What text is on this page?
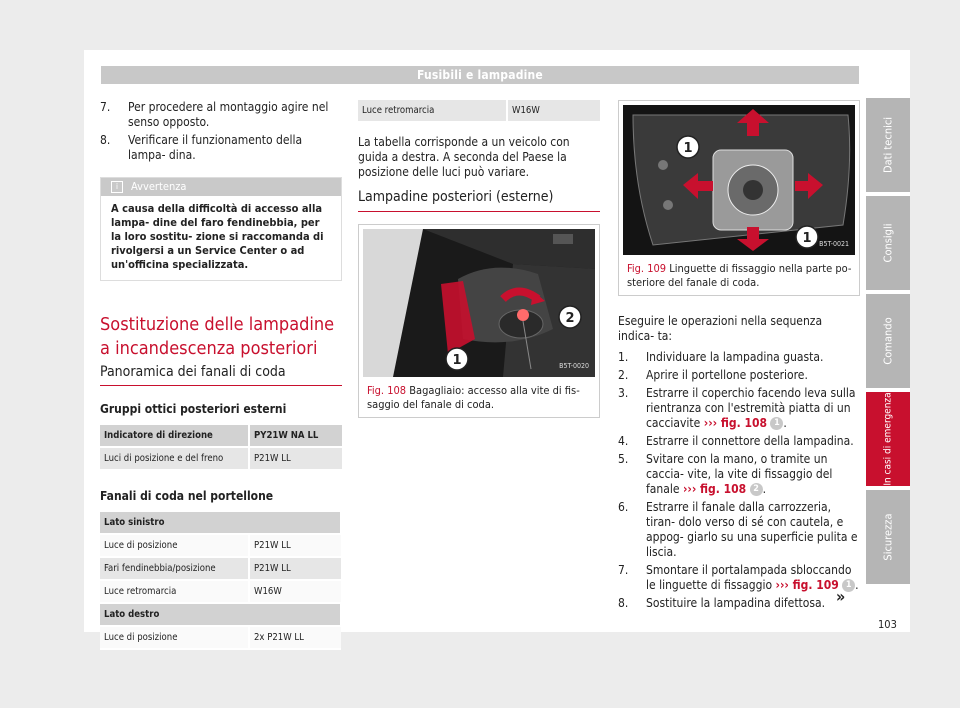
Fusibili e lampadine
7.	Per procedere al montaggio agire nel senso opposto.
8.	Verificare il funzionamento della lampa- dina.
i Avvertenza
A causa della difficoltà di accesso alla lampa- dine del faro fendinebbia, per la loro sostitu- zione si raccomanda di rivolgersi a un Service Center o ad un'officina specializzata.
Sostituzione delle lampadine a incandescenza posteriori
Panoramica dei fanali di coda
Gruppi ottici posteriori esterni
Indicatore di direzione	PY21W NA LL
Luci di posizione e del freno	P21W LL
Fanali di coda nel portellone
Lato sinistro	
Luce di posizione	P21W LL
Fari fendinebbia/posizione	P21W LL
Luce retromarcia	W16W
Lato destro	
Luce di posizione	2x P21W LL
Luce retromarcia	W16W

La tabella corrisponde a un veicolo con guida a destra. A seconda del Paese la posizione delle luci può variare.

Lampadine posteriori (esterne)
1
2
B5T-0020
Fig. 108 Bagagliaio: accesso alla vite di fis- saggio del fanale di coda.
1
1 B5T-0021
Fig. 109 Linguette di fissaggio nella parte po- steriore del fanale di coda.

Eseguire le operazioni nella sequenza indica- ta:

1.	Individuare la lampadina guasta.
2.	Aprire il portellone posteriore.
3.	Estrarre il coperchio facendo leva sulla rientranza con l'estremità piatta di un cacciavite ››› fig. 108 1 .
4.	Estrarre il connettore della lampadina.
5.	Svitare con la mano, o tramite un caccia- vite, la vite di fissaggio del fanale ››› fig. 108 2 .
6.	Estrarre il fanale dalla carrozzeria, tiran- dolo verso di sé con cautela, e appog- giarlo su una superficie pulita e liscia.
7.	Smontare il portalampada sbloccando le linguette di fissaggio ››› fig. 109 1 .
8.	Sostituire la lampadina difettosa. »
Dati tecnici
Consigli
Comando
In casi di emergenza
Sicurezza
103
